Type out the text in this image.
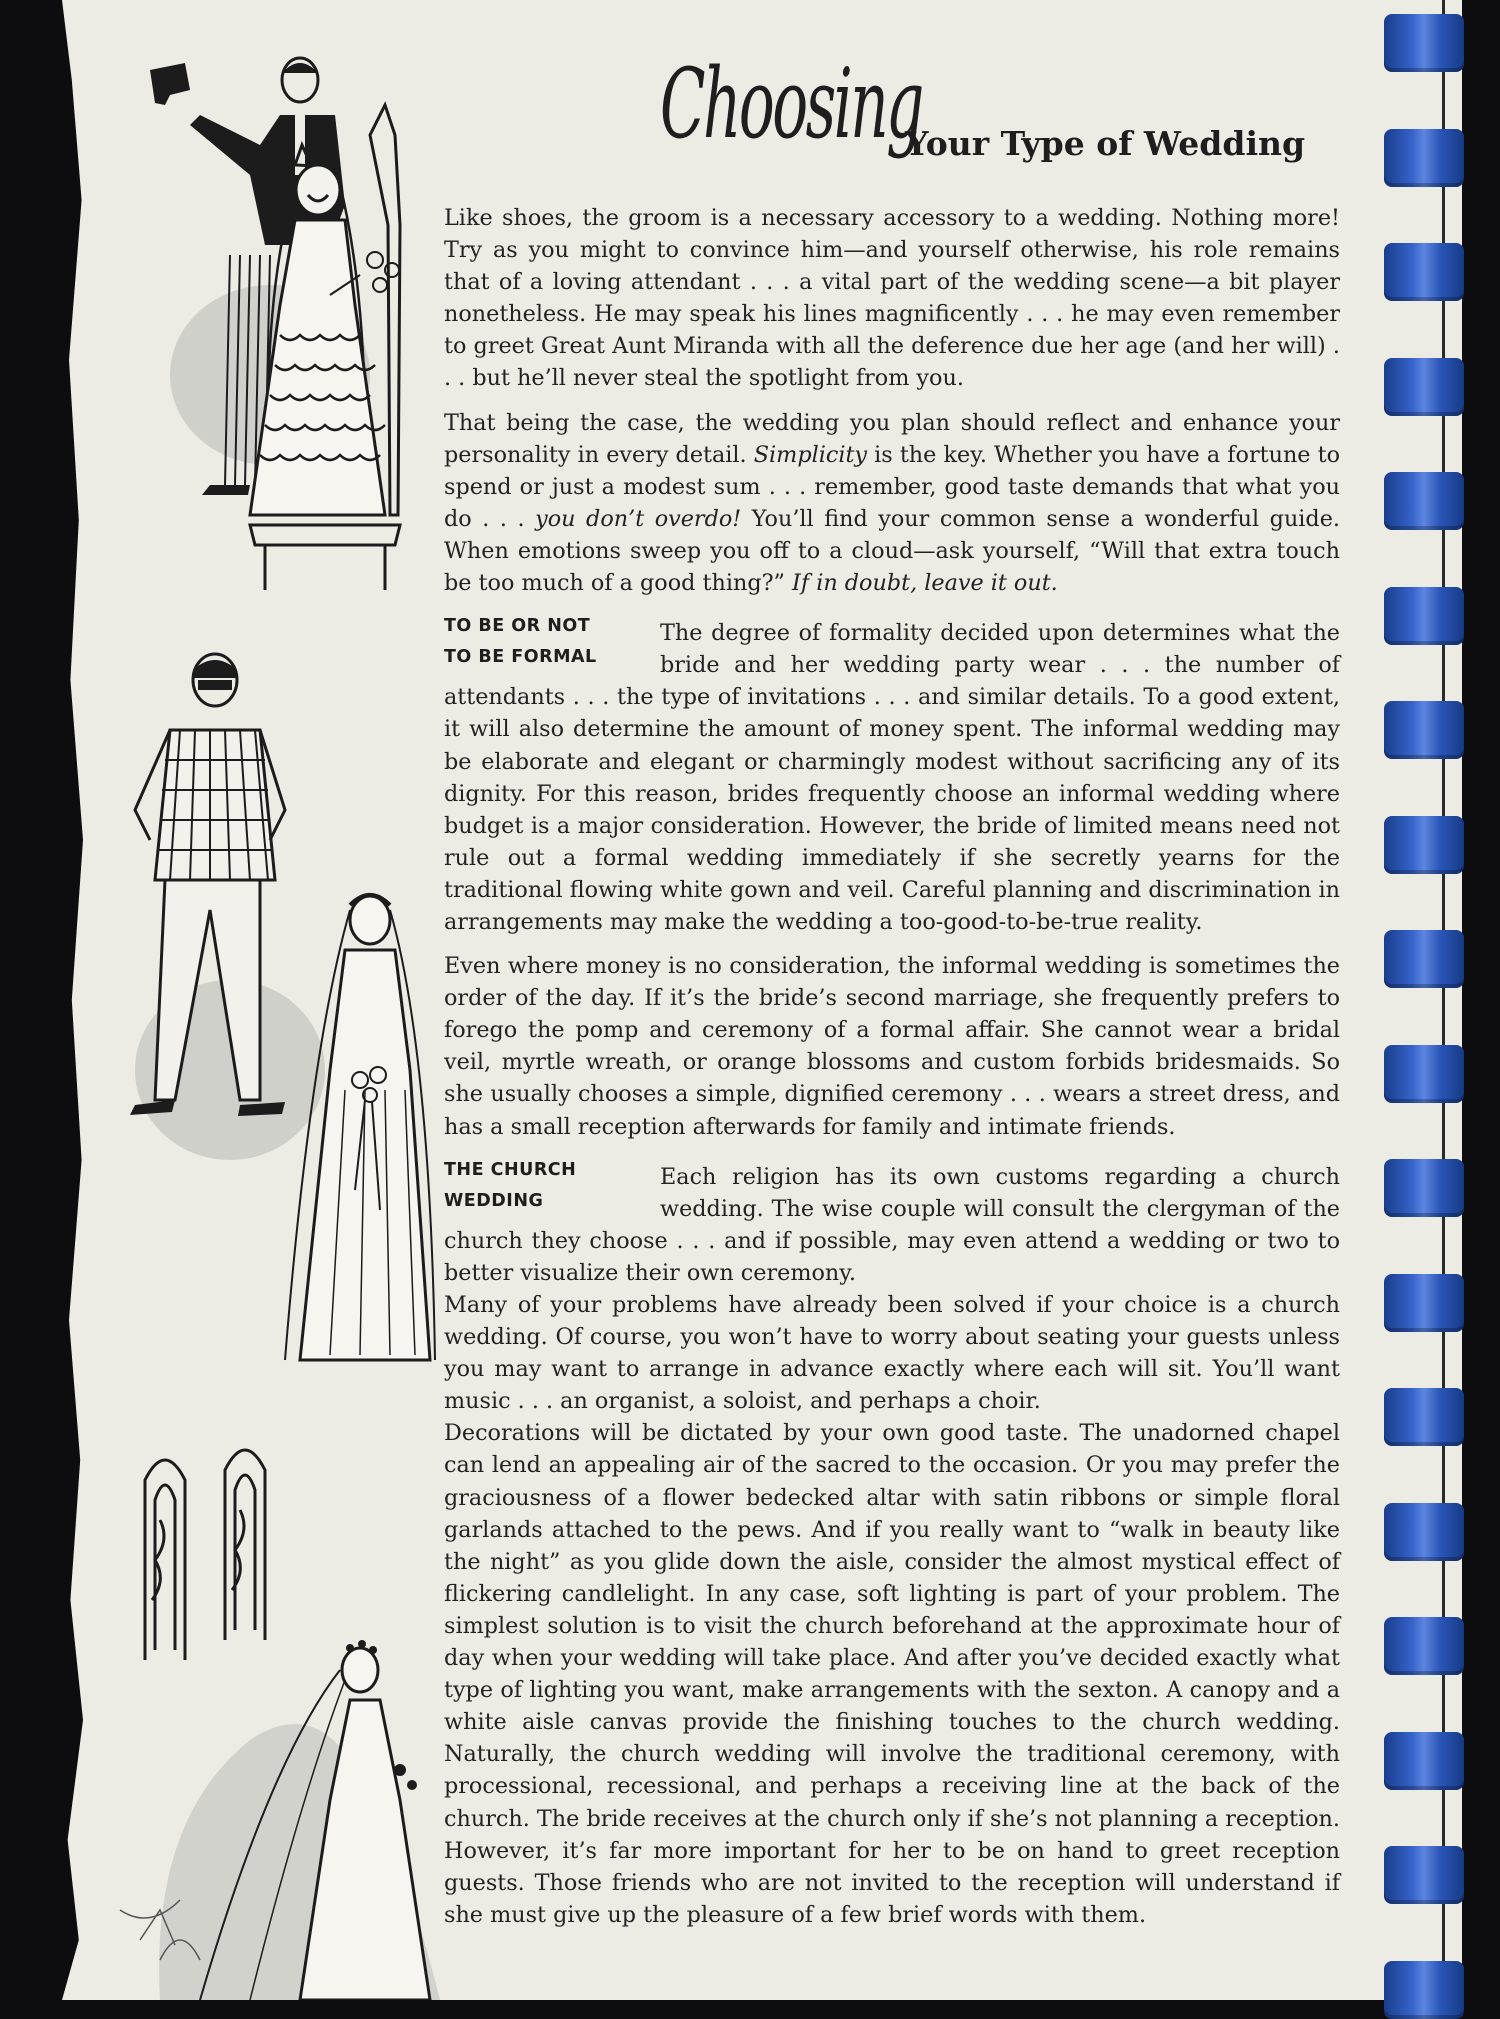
Choosing
Your Type of Wedding

Like shoes, the groom is a necessary accessory to a wedding. Nothing more! Try as you might to convince him—and yourself otherwise, his role remains that of a loving attendant . . . a vital part of the wedding scene—a bit player nonetheless. He may speak his lines magnificently . . . he may even remember to greet Great Aunt Miranda with all the deference due her age (and her will) . . . but he’ll never steal the spotlight from you.

That being the case, the wedding you plan should reflect and enhance your personality in every detail. Simplicity is the key. Whether you have a fortune to spend or just a modest sum . . . remember, good taste demands that what you do . . . you don’t overdo! You’ll find your common sense a wonderful guide. When emotions sweep you off to a cloud—ask yourself, “Will that extra touch be too much of a good thing?” If in doubt, leave it out.

TO BE OR NOT
TO BE FORMAL

The degree of formality decided upon determines what the bride and her wedding party wear . . . the number of attendants . . . the type of invitations . . . and similar details. To a good extent, it will also determine the amount of money spent. The informal wedding may be elaborate and elegant or charmingly modest without sacrificing any of its dignity. For this reason, brides frequently choose an informal wedding where budget is a major consideration. However, the bride of limited means need not rule out a formal wedding immediately if she secretly yearns for the traditional flowing white gown and veil. Careful planning and discrimination in arrangements may make the wedding a too-good-to-be-true reality.

Even where money is no consideration, the informal wedding is sometimes the order of the day. If it’s the bride’s second marriage, she frequently prefers to forego the pomp and ceremony of a formal affair. She cannot wear a bridal veil, myrtle wreath, or orange blossoms and custom forbids bridesmaids. So she usually chooses a simple, dignified ceremony . . . wears a street dress, and has a small reception afterwards for family and intimate friends.

THE CHURCH
WEDDING

Each religion has its own customs regarding a church wedding. The wise couple will consult the clergyman of the church they choose . . . and if possible, may even attend a wedding or two to better visualize their own ceremony.

Many of your problems have already been solved if your choice is a church wedding. Of course, you won’t have to worry about seating your guests unless you may want to arrange in advance exactly where each will sit. You’ll want music . . . an organist, a soloist, and perhaps a choir.

Decorations will be dictated by your own good taste. The unadorned chapel can lend an appealing air of the sacred to the occasion. Or you may prefer the graciousness of a flower bedecked altar with satin ribbons or simple floral garlands attached to the pews. And if you really want to “walk in beauty like the night” as you glide down the aisle, consider the almost mystical effect of flickering candlelight. In any case, soft lighting is part of your problem. The simplest solution is to visit the church beforehand at the approximate hour of day when your wedding will take place. And after you’ve decided exactly what type of lighting you want, make arrangements with the sexton. A canopy and a white aisle canvas provide the finishing touches to the church wedding. Naturally, the church wedding will involve the traditional ceremony, with processional, recessional, and perhaps a receiving line at the back of the church. The bride receives at the church only if she’s not planning a reception. However, it’s far more important for her to be on hand to greet reception guests. Those friends who are not invited to the reception will understand if she must give up the pleasure of a few brief words with them.
